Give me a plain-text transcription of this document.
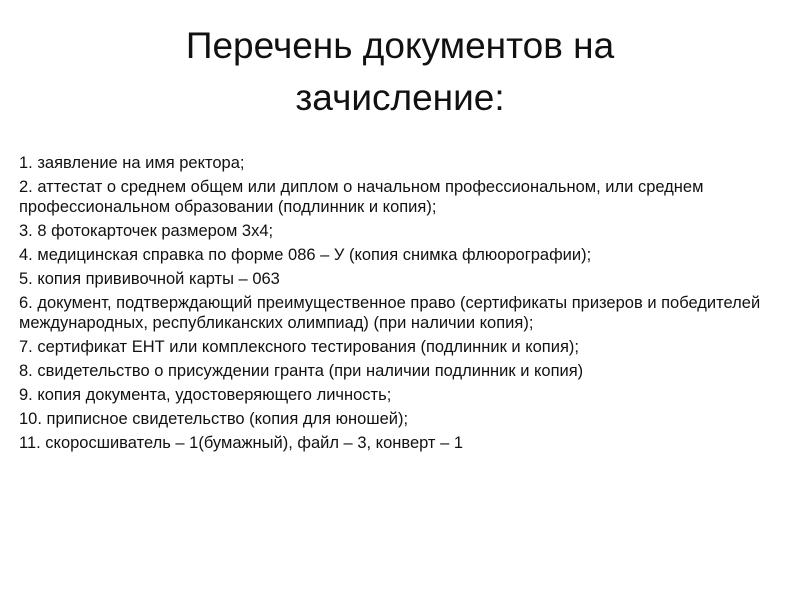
Перечень документов на
зачисление:
1. заявление на имя ректора;
2. аттестат о среднем общем или диплом о начальном профессиональном, или среднем профессиональном образовании (подлинник и копия);
3. 8 фотокарточек размером 3х4;
4. медицинская справка по форме 086 – У (копия снимка флюорографии);
5. копия прививочной карты – 063
6. документ, подтверждающий преимущественное право (сертификаты призеров и победителей международных, республиканских олимпиад) (при наличии копия);
7. сертификат ЕНТ или комплексного тестирования (подлинник и копия);
8. свидетельство о присуждении гранта (при наличии подлинник и копия)
9. копия документа, удостоверяющего личность;
10. приписное свидетельство (копия для юношей);
11. скоросшиватель – 1(бумажный), файл – 3, конверт – 1
